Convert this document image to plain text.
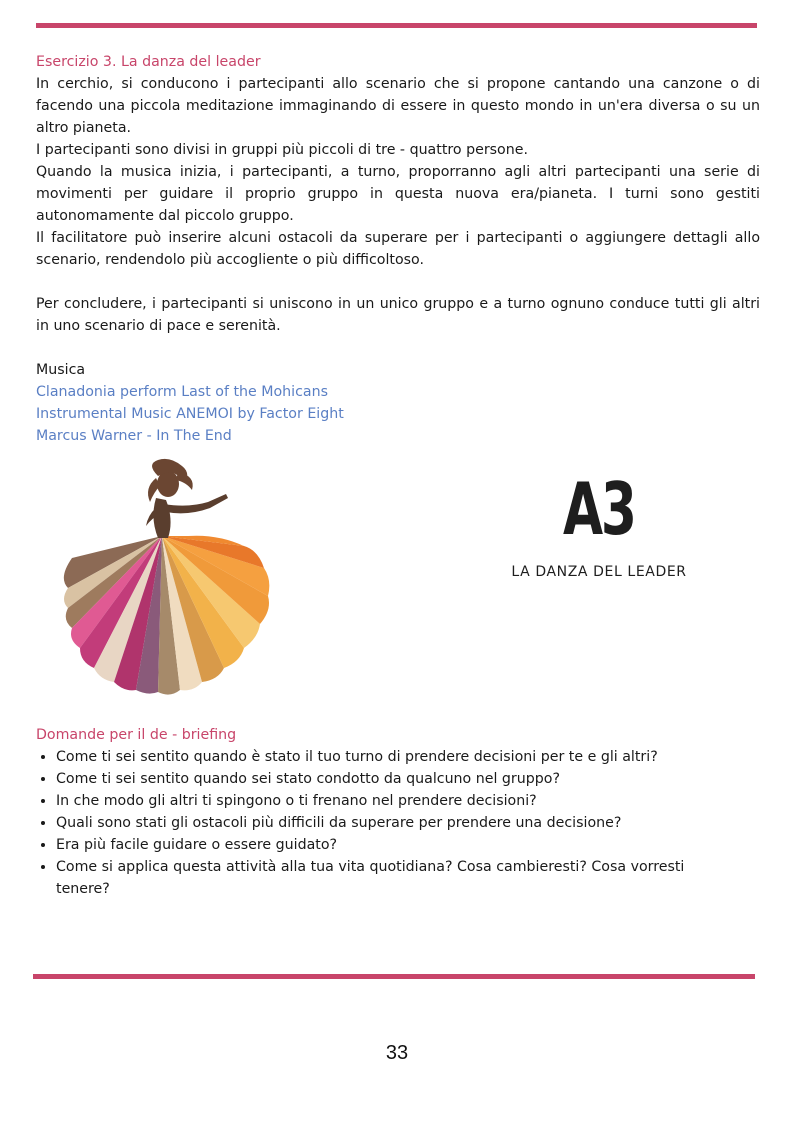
Esercizio 3. La danza del leader

In cerchio, si conducono i partecipanti allo scenario che si propone cantando una canzone o di facendo una piccola meditazione immaginando di essere in questo mondo in un'era diversa o su un altro pianeta.

I partecipanti sono divisi in gruppi più piccoli di tre - quattro persone.

Quando la musica inizia, i partecipanti, a turno, proporranno agli altri partecipanti una serie di movimenti per guidare il proprio gruppo in questa nuova era/pianeta. I turni sono gestiti autonomamente dal piccolo gruppo.

Il facilitatore può inserire alcuni ostacoli da superare per i partecipanti o aggiungere dettagli allo scenario, rendendolo più accogliente o più difficoltoso.

Per concludere, i partecipanti si uniscono in un unico gruppo e a turno ognuno conduce tutti gli altri in uno scenario di pace e serenità.

Musica
Clanadonia perform Last of the Mohicans
Instrumental Music ANEMOI by Factor Eight
Marcus Warner - In The End
A3
LA DANZA DEL LEADER
Domande per il de - briefing
• Come ti sei sentito quando è stato il tuo turno di prendere decisioni per te e gli altri?
• Come ti sei sentito quando sei stato condotto da qualcuno nel gruppo?
• In che modo gli altri ti spingono o ti frenano nel prendere decisioni?
• Quali sono stati gli ostacoli più difficili da superare per prendere una decisione?
• Era più facile guidare o essere guidato?
• Come si applica questa attività alla tua vita quotidiana? Cosa cambieresti? Cosa vorresti tenere?
33
